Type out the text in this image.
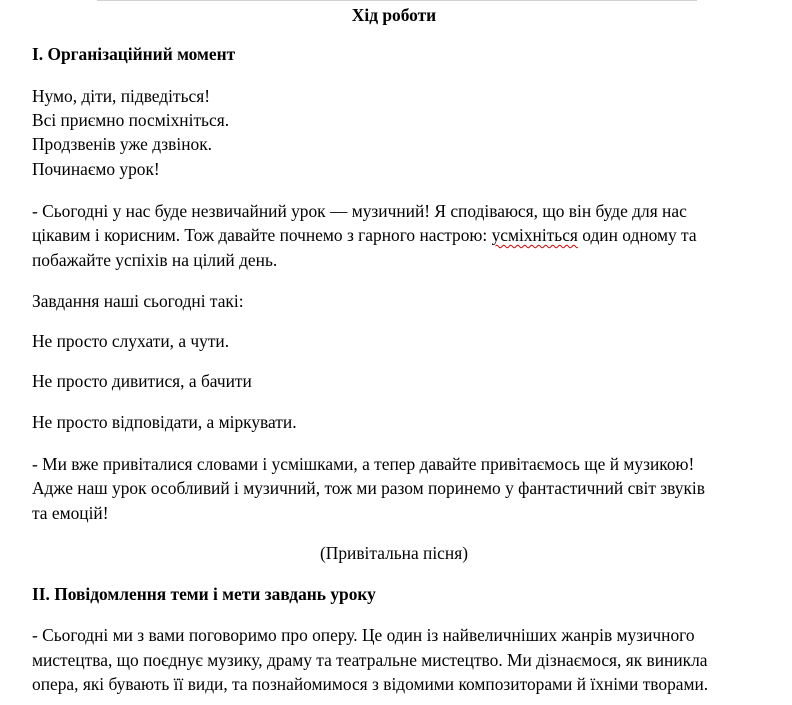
Хід роботи
І. Організаційний момент
Нумо, діти, підведіться!
Всі приємно посміхніться.
Продзвенів уже дзвінок.
Починаємо урок!
- Сьогодні у нас буде незвичайний урок — музичний! Я сподіваюся, що він буде для нас
цікавим і корисним. Тож давайте почнемо з гарного настрою: усміхніться один одному та
побажайте успіхів на цілий день.
Завдання наші сьогодні такі:
Не просто слухати, а чути.
Не просто дивитися, а бачити
Не просто відповідати, а міркувати.
- Ми вже привіталися словами і усмішками, а тепер давайте привітаємось ще й музикою!
Адже наш урок особливий і музичний, тож ми разом поринемо у фантастичний світ звуків
та емоцій!
(Привітальна пісня)
ІІ. Повідомлення теми і мети завдань уроку
- Сьогодні ми з вами поговоримо про оперу. Це один із найвеличніших жанрів музичного
мистецтва, що поєднує музику, драму та театральне мистецтво. Ми дізнаємося, як виникла
опера, які бувають її види, та познайомимося з відомими композиторами й їхніми творами.
